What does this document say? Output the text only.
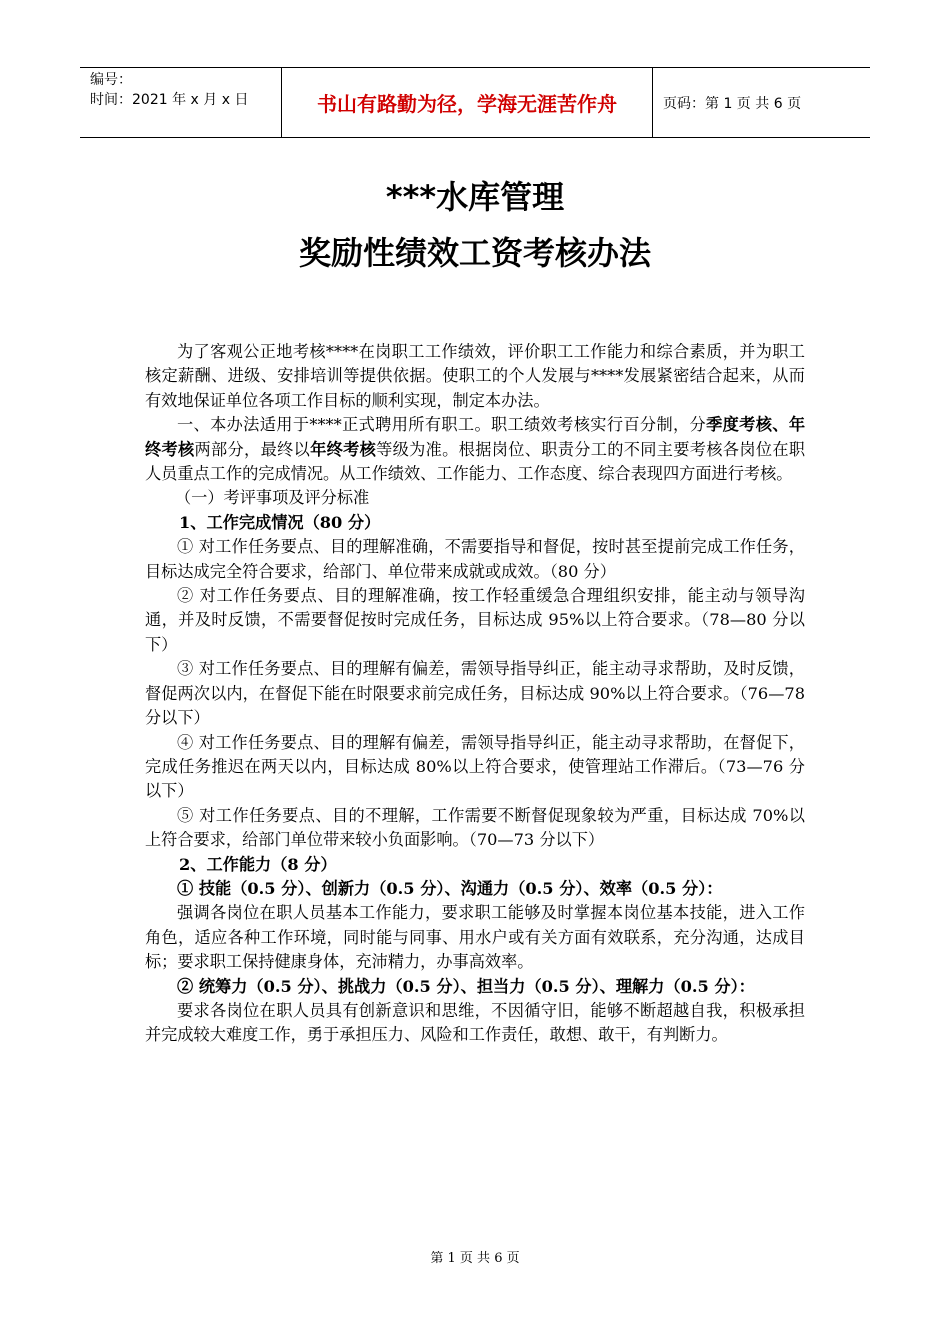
编号：
时间：2021 年 x 月 x 日	书山有路勤为径，学海无涯苦作舟	页码：第 1 页 共 6 页
***水库管理
奖励性绩效工资考核办法

为了客观公正地考核****在岗职工工作绩效，评价职工工作能力和综合素质，并为职工核定薪酬、进级、安排培训等提供依据。使职工的个人发展与****发展紧密结合起来，从而有效地保证单位各项工作目标的顺利实现，制定本办法。

一、本办法适用于****正式聘用所有职工。职工绩效考核实行百分制，分季度考核、年终考核两部分，最终以年终考核等级为准。根据岗位、职责分工的不同主要考核各岗位在职人员重点工作的完成情况。从工作绩效、工作能力、工作态度、综合表现四方面进行考核。

（一）考评事项及评分标准

1、工作完成情况（80 分）

① 对工作任务要点、目的理解准确，不需要指导和督促，按时甚至提前完成工作任务，目标达成完全符合要求，给部门、单位带来成就或成效。（80 分）

② 对工作任务要点、目的理解准确，按工作轻重缓急合理组织安排，能主动与领导沟通，并及时反馈，不需要督促按时完成任务，目标达成 95%以上符合要求。（78—80 分以下）

③ 对工作任务要点、目的理解有偏差，需领导指导纠正，能主动寻求帮助，及时反馈，督促两次以内，在督促下能在时限要求前完成任务，目标达成 90%以上符合要求。（76—78 分以下）

④ 对工作任务要点、目的理解有偏差，需领导指导纠正，能主动寻求帮助，在督促下，完成任务推迟在两天以内，目标达成 80%以上符合要求，使管理站工作滞后。（73—76 分以下）

⑤ 对工作任务要点、目的不理解，工作需要不断督促现象较为严重，目标达成 70%以上符合要求，给部门单位带来较小负面影响。（70—73 分以下）

2、工作能力（8 分）

① 技能（0.5 分）、创新力（0.5 分）、沟通力（0.5 分）、效率（0.5 分）：

强调各岗位在职人员基本工作能力，要求职工能够及时掌握本岗位基本技能，进入工作角色，适应各种工作环境，同时能与同事、用水户或有关方面有效联系，充分沟通，达成目标；要求职工保持健康身体，充沛精力，办事高效率。

② 统筹力（0.5 分）、挑战力（0.5 分）、担当力（0.5 分）、理解力（0.5 分）：

要求各岗位在职人员具有创新意识和思维，不因循守旧，能够不断超越自我，积极承担并完成较大难度工作，勇于承担压力、风险和工作责任，敢想、敢干，有判断力。

第 1 页 共 6 页
